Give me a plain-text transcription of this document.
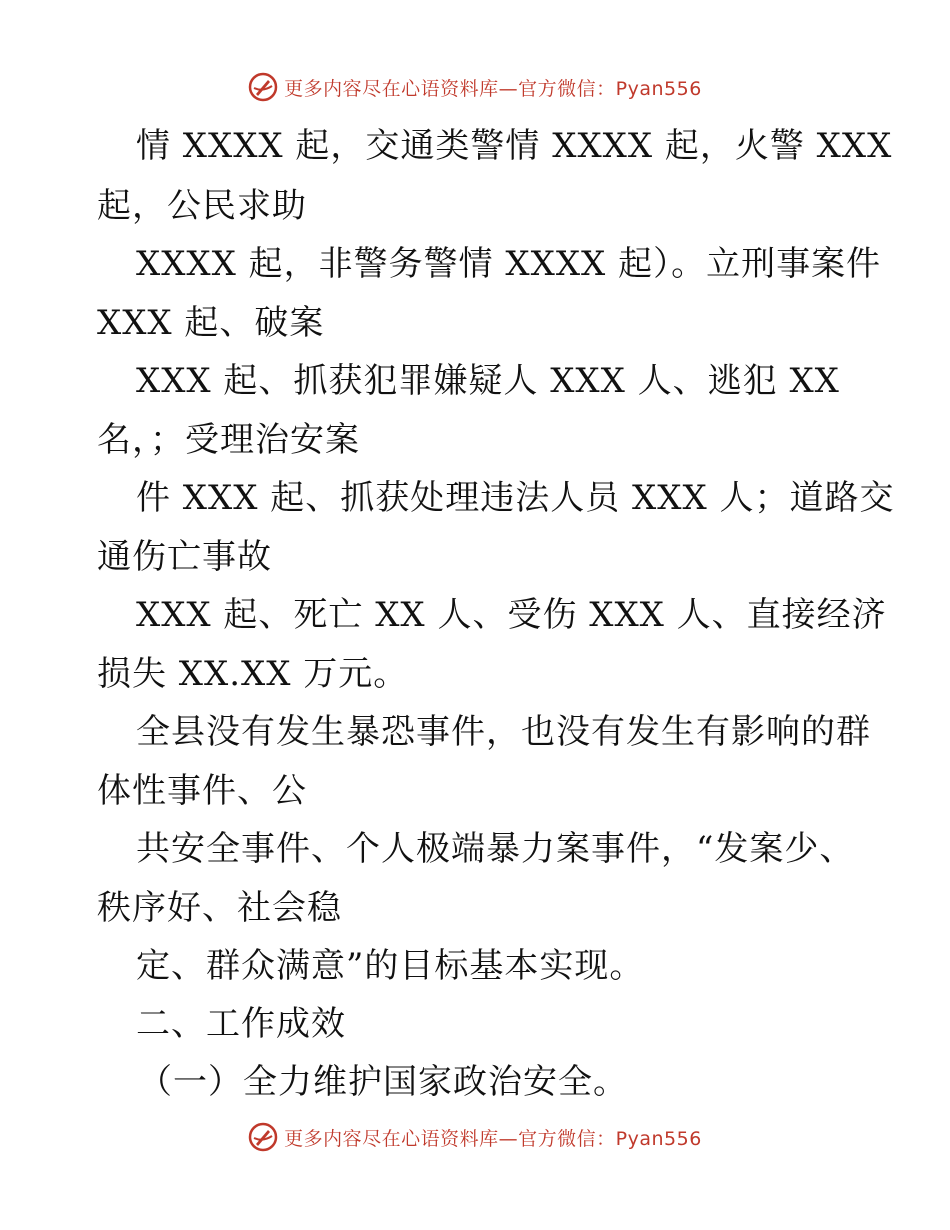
更多内容尽在心语资料库—官方微信：Pyan556
情 XXXX 起，交通类警情 XXXX 起，火警 XXX
起，公民求助
XXXX 起，非警务警情 XXXX 起）。立刑事案件
XXX 起、破案
XXX 起、抓获犯罪嫌疑人 XXX 人、逃犯 XX
名，；受理治安案
件 XXX 起、抓获处理违法人员 XXX 人；道路交
通伤亡事故
XXX 起、死亡 XX 人、受伤 XXX 人、直接经济
损失 XX.XX 万元。
全县没有发生暴恐事件，也没有发生有影响的群
体性事件、公
共安全事件、个人极端暴力案事件，“发案少、
秩序好、社会稳
定、群众满意”的目标基本实现。
二、工作成效
（一）全力维护国家政治安全。
更多内容尽在心语资料库—官方微信：Pyan556
